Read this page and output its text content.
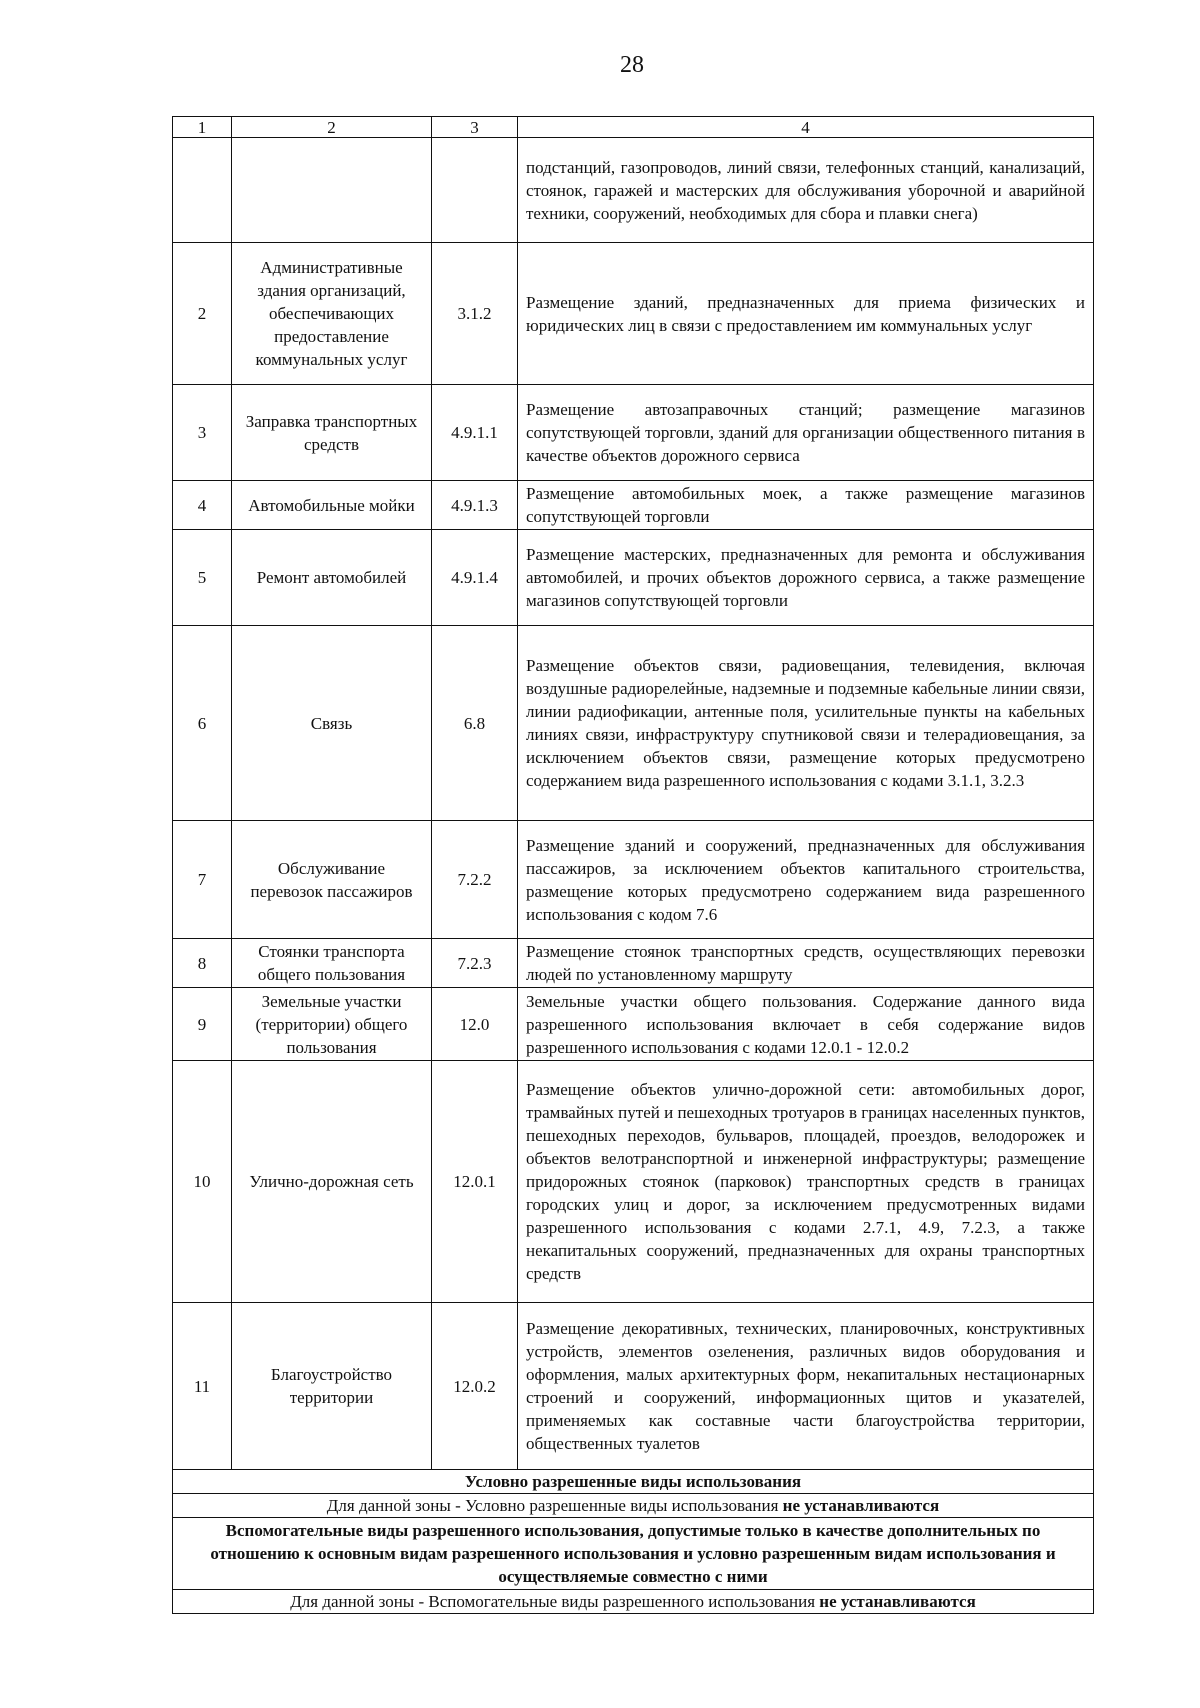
28
1	2	3	4
			подстанций, газопроводов, линий связи, телефонных станций, канализаций, стоянок, гаражей и мастерских для обслуживания уборочной и аварийной техники, сооружений, необходимых для сбора и плавки снега)
2	Административные здания организаций, обеспечивающих предоставление коммунальных услуг	3.1.2	Размещение зданий, предназначенных для приема физических и юридических лиц в связи с предоставлением им коммунальных услуг
3	Заправка транспортных средств	4.9.1.1	Размещение автозаправочных станций; размещение магазинов сопутствующей торговли, зданий для организации общественного питания в качестве объектов дорожного сервиса
4	Автомобильные мойки	4.9.1.3	Размещение автомобильных моек, а также размещение магазинов сопутствующей торговли
5	Ремонт автомобилей	4.9.1.4	Размещение мастерских, предназначенных для ремонта и обслуживания автомобилей, и прочих объектов дорожного сервиса, а также размещение магазинов сопутствующей торговли
6	Связь	6.8	Размещение объектов связи, радиовещания, телевидения, включая воздушные радиорелейные, надземные и подземные кабельные линии связи, линии радиофикации, антенные поля, усилительные пункты на кабельных линиях связи, инфраструктуру спутниковой связи и телерадиовещания, за исключением объектов связи, размещение которых предусмотрено содержанием вида разрешенного использования с кодами 3.1.1, 3.2.3
7	Обслуживание перевозок пассажиров	7.2.2	Размещение зданий и сооружений, предназначенных для обслуживания пассажиров, за исключением объектов капитального строительства, размещение которых предусмотрено содержанием вида разрешенного использования с кодом 7.6
8	Стоянки транспорта общего пользования	7.2.3	Размещение стоянок транспортных средств, осуществляющих перевозки людей по установленному маршруту
9	Земельные участки (территории) общего пользования	12.0	Земельные участки общего пользования. Содержание данного вида разрешенного использования включает в себя содержание видов разрешенного использования с кодами 12.0.1 - 12.0.2
10	Улично-дорожная сеть	12.0.1	Размещение объектов улично-дорожной сети: автомобильных дорог, трамвайных путей и пешеходных тротуаров в границах населенных пунктов, пешеходных переходов, бульваров, площадей, проездов, велодорожек и объектов велотранспортной и инженерной инфраструктуры; размещение придорожных стоянок (парковок) транспортных средств в границах городских улиц и дорог, за исключением предусмотренных видами разрешенного использования с кодами 2.7.1, 4.9, 7.2.3, а также некапитальных сооружений, предназначенных для охраны транспортных средств
11	Благоустройство территории	12.0.2	Размещение декоративных, технических, планировочных, конструктивных устройств, элементов озеленения, различных видов оборудования и оформления, малых архитектурных форм, некапитальных нестационарных строений и сооружений, информационных щитов и указателей, применяемых как составные части благоустройства территории, общественных туалетов
Условно разрешенные виды использования			
Для данной зоны - Условно разрешенные виды использования не устанавливаются			
Вспомогательные виды разрешенного использования, допустимые только в качестве дополнительных по отношению к основным видам разрешенного использования и условно разрешенным видам использования и осуществляемые совместно с ними			
Для данной зоны - Вспомогательные виды разрешенного использования не устанавливаются			
